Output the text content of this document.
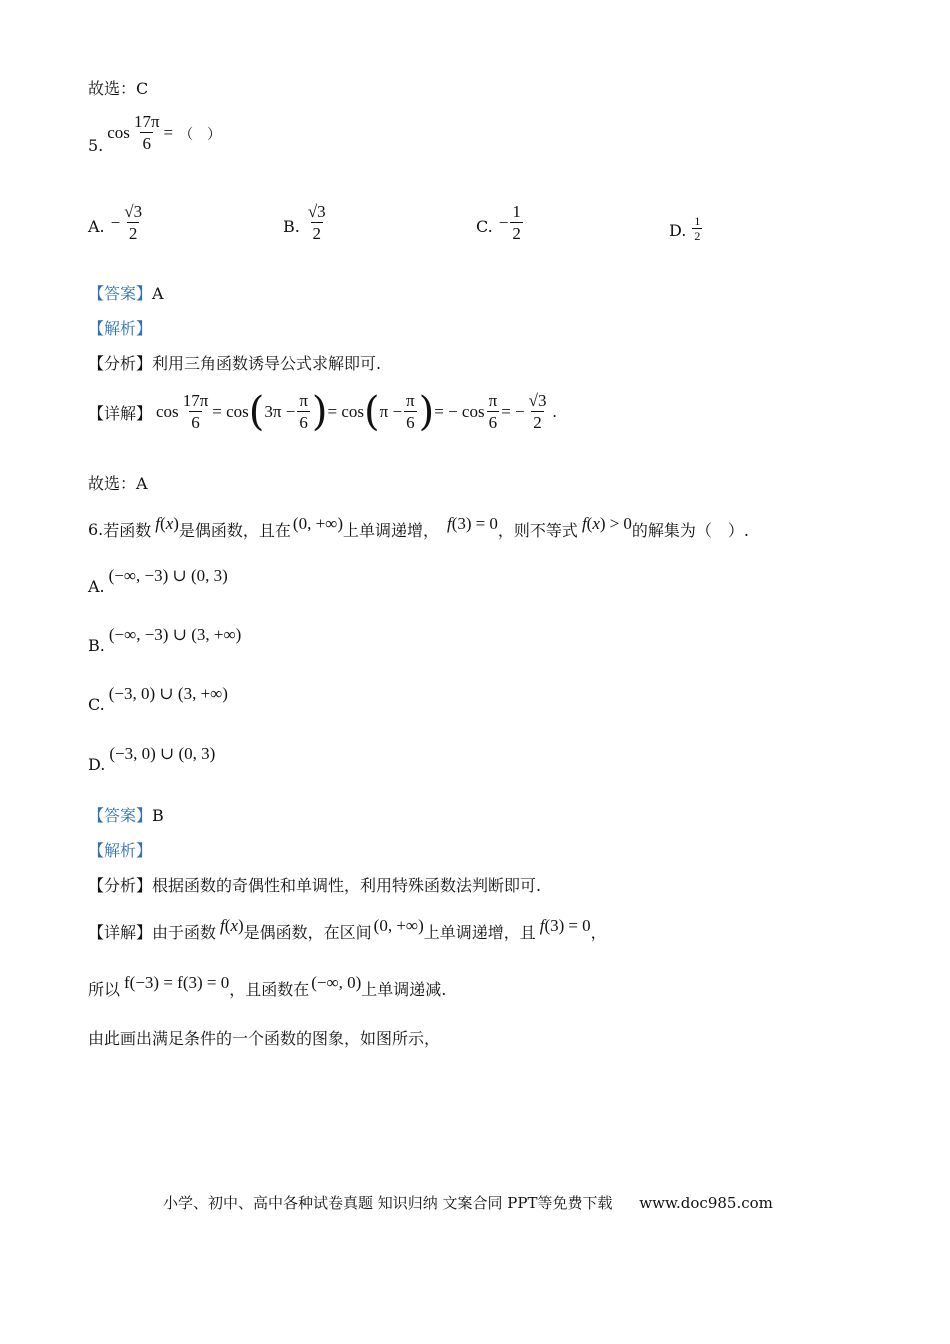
故选：C
5.
$\cos \frac{17\pi}{6}$ = （　）
A. − $\frac{√3}{2}$	B. $\frac{√3}{2}$	C. − $\frac{1}{2}$	D. $\frac{1}{2}$
【答案】A
【解析】
【分析】利用三角函数诱导公式求解即可.
【详解】 $\cos \frac{17\pi}{6} = \cos$ ( $3\pi - \frac{\pi}{6}$ ) = cos ( $\pi - \frac{\pi}{6}$ ) = − $\cos \frac{\pi}{6}$ = − $\frac{√3}{2}$ .
故选：A
6. 若函数 f ( x ) 是偶函数，且在 ( 0, +∞ ) 上单调递增， f ( 3 ) = 0 ，则不等式 f ( x ) > 0 的解集为（　）.
A.
(−∞, −3) ∪ (0, 3)
B.
(−∞, −3) ∪ (3, +∞)
C.
(−3, 0) ∪ (3, +∞)
D.
(−3, 0) ∪ (0, 3)
【答案】B
【解析】
【分析】根据函数的奇偶性和单调性，利用特殊函数法判断即可.
【详解】 由于函数 f ( x ) 是偶函数，在区间 ( 0, +∞ ) 上单调递增，且 f ( 3 ) = 0 ，
所以 f(−3) = f(3) = 0 ，且函数在 (−∞, 0) 上单调递减.
由此画出满足条件的一个函数的图象，如图所示，
小学、初中、高中各种试卷真题 知识归纳 文案合同 PPT等免费下载 www.doc985.com
